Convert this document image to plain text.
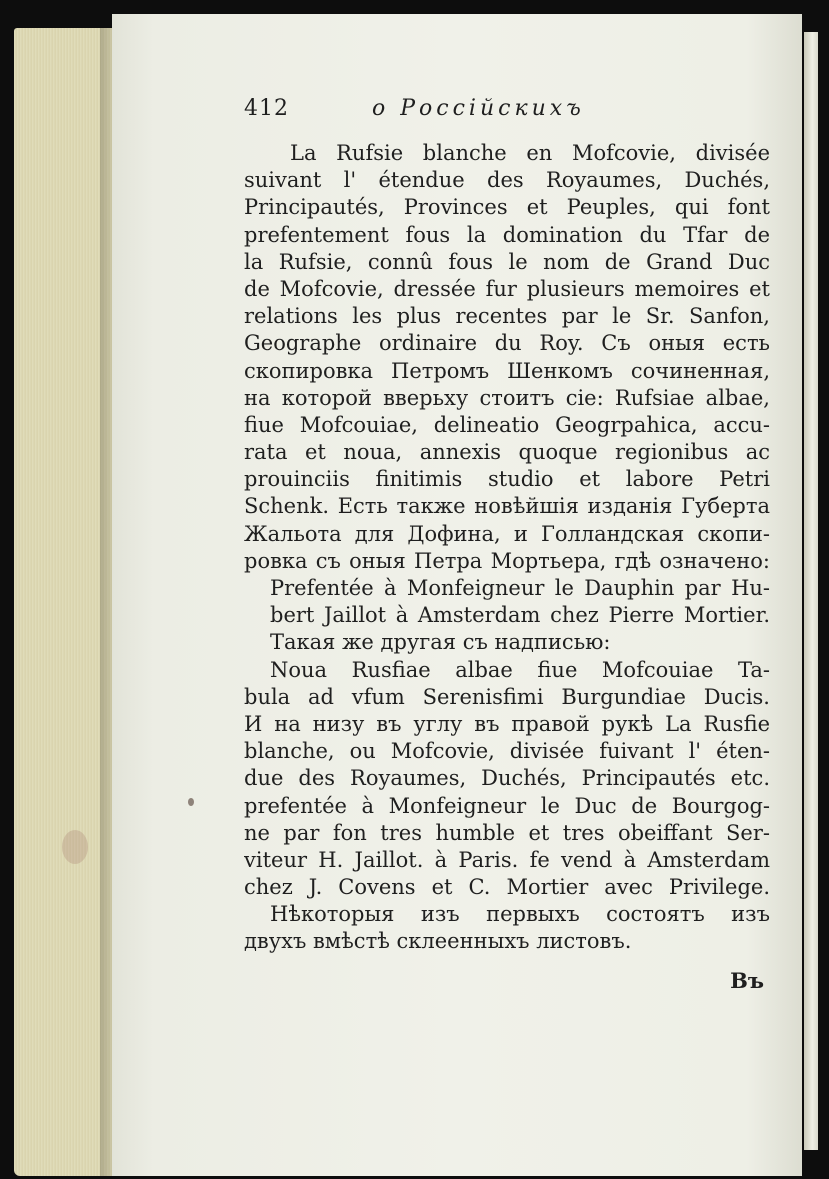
412	о Россійскихъ
La Rufsie blanche en Mofcovie, divisée
suivant l' étendue des Royaumes, Duchés,
Principautés, Provinces et Peuples, qui font
prefentement fous la domination du Tfar de
la Rufsie, connû fous le nom de Grand Duc
de Mofcovie, dressée fur plusieurs memoires et
relations les plus recentes par le Sr. Sanfon,
Geographe ordinaire du Roy. Съ оныя есть
скопировка Петромъ Шенкомъ сочиненная,
на которой вверьху стоитъ сіе: Rufsiae albae,
fiue Mofcouiae, delineatio Geogrpahica, accu-
rata et noua, annexis quoque regionibus ac
prouinciis finitimis studio et labore Petri
Schenk. Есть также новѣйшія изданія Губерта
Жальота для Дофина, и Голландская скопи-
ровка съ оныя Петра Мортьера, гдѣ означено:
Prefentée à Monfeigneur le Dauphin par Hu-
bert Jaillot à Amsterdam chez Pierre Mortier.
Такая же другая съ надписью:
Noua Rusfiae albae fiue Mofcouiae Ta-
bula ad vfum Serenisfimi Burgundiae Ducis.
И на низу въ углу въ правой рукѣ La Rusfie
blanche, ou Mofcovie, divisée fuivant l' éten-
due des Royaumes, Duchés, Principautés etc.
prefentée à Monfeigneur le Duc de Bourgog-
ne par fon tres humble et tres obeiffant Ser-
viteur H. Jaillot. à Paris. fe vend à Amsterdam
chez J. Covens et C. Mortier avec Privilege.
Нѣкоторыя изъ первыхъ состоятъ изъ
двухъ вмѣстѣ склеенныхъ листовъ.
Въ
